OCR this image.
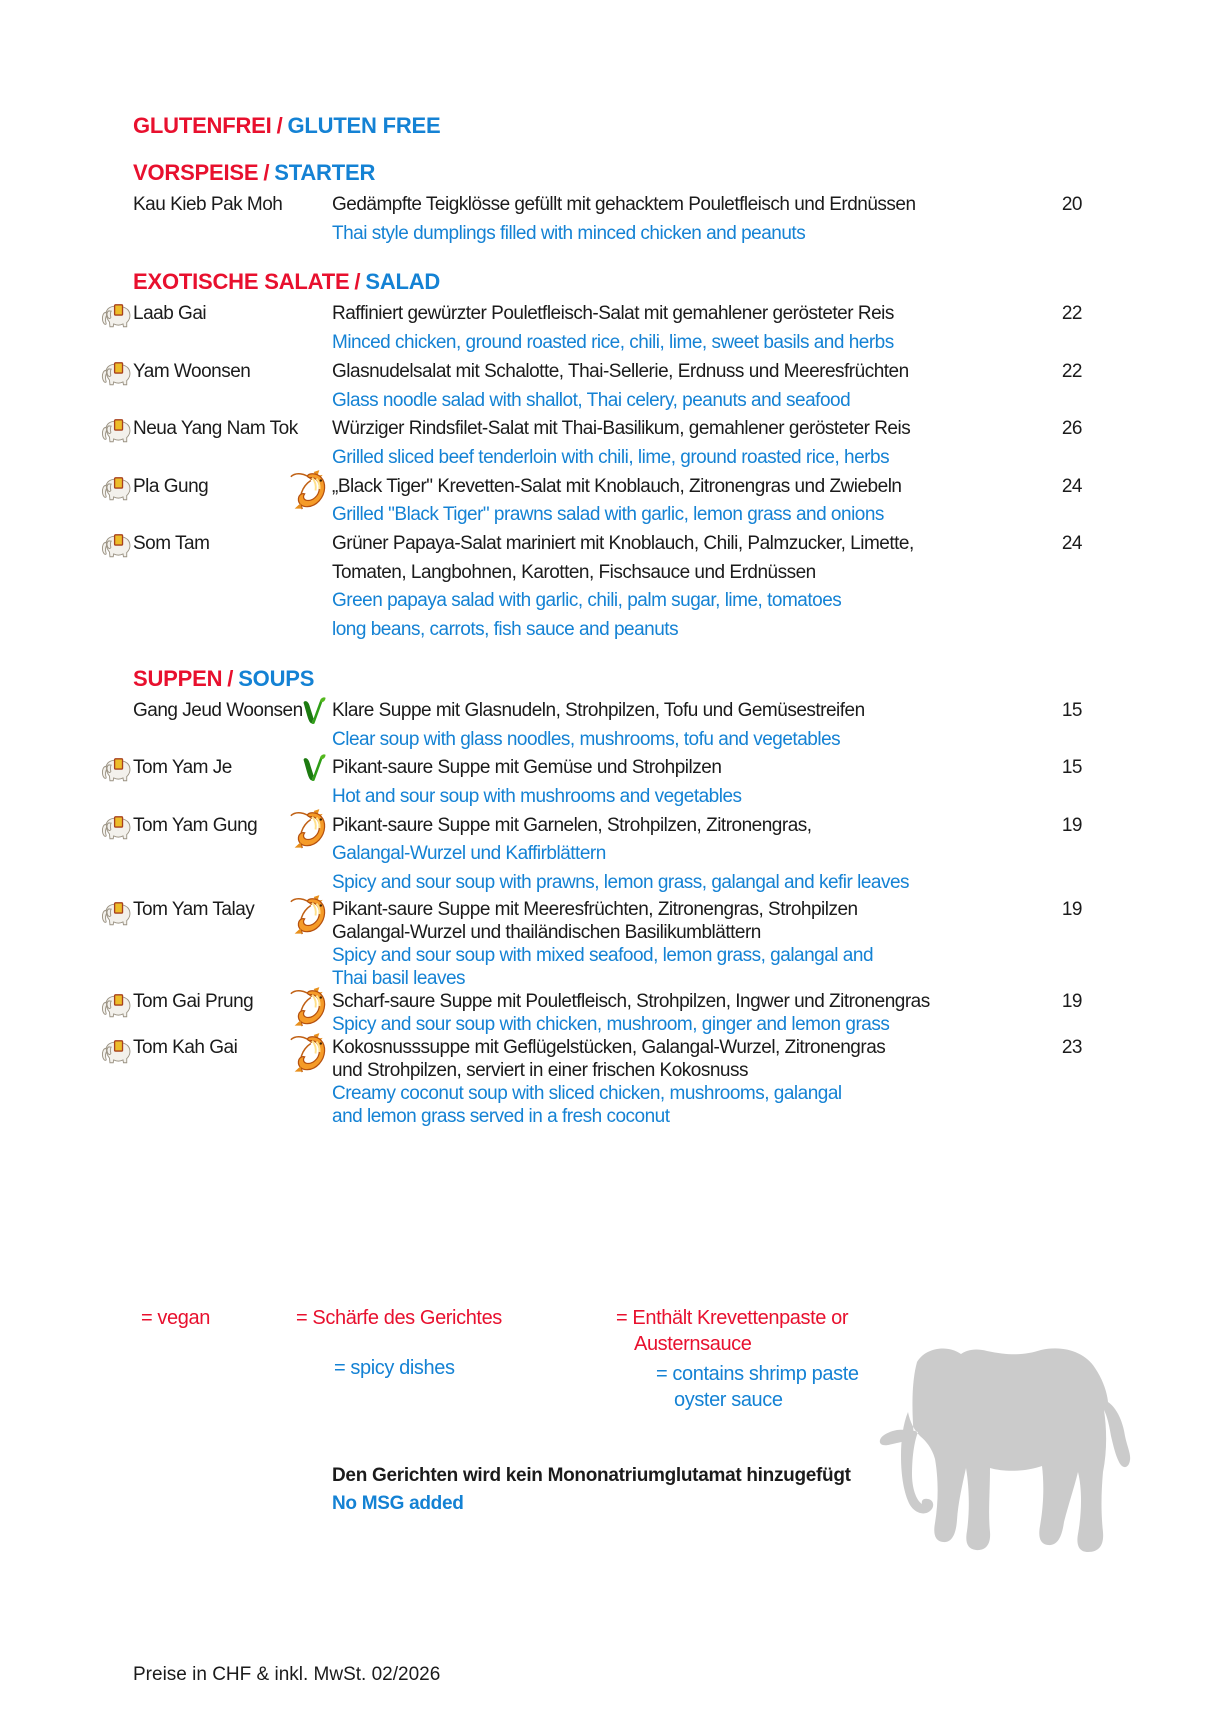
GLUTENFREI / GLUTEN FREE
VORSPEISE / STARTER
Kau Kieb Pak Moh	Gedämpfte Teigklösse gefüllt mit gehacktem Pouletfleisch und Erdnüssen
Thai style dumplings filled with minced chicken and peanuts
20
EXOTISCHE SALATE / SALAD
Laab Gai	Raffiniert gewürzter Pouletfleisch-Salat mit gemahlener gerösteter Reis
Minced chicken, ground roasted rice, chili, lime, sweet basils and herbs
22
Yam Woonsen	Glasnudelsalat mit Schalotte, Thai-Sellerie, Erdnuss und Meeresfrüchten
Glass noodle salad with shallot, Thai celery, peanuts and seafood
22
Neua Yang Nam Tok	Würziger Rindsfilet-Salat mit Thai-Basilikum, gemahlener gerösteter Reis
Grilled sliced beef tenderloin with chili, lime, ground roasted rice, herbs
26
Pla Gung	„Black Tiger" Krevetten-Salat mit Knoblauch, Zitronengras und Zwiebeln
Grilled "Black Tiger" prawns salad with garlic, lemon grass and onions
24
Som Tam	Grüner Papaya-Salat mariniert mit Knoblauch, Chili, Palmzucker, Limette,
Tomaten, Langbohnen, Karotten, Fischsauce und Erdnüssen
Green papaya salad with garlic, chili, palm sugar, lime, tomatoes
long beans, carrots, fish sauce and peanuts
24
SUPPEN / SOUPS
Gang Jeud Woonsen	Klare Suppe mit Glasnudeln, Strohpilzen, Tofu und Gemüsestreifen
Clear soup with glass noodles, mushrooms, tofu and vegetables
15
Tom Yam Je	Pikant-saure Suppe mit Gemüse und Strohpilzen
Hot and sour soup with mushrooms and vegetables
15
Tom Yam Gung	Pikant-saure Suppe mit Garnelen, Strohpilzen, Zitronengras,
Galangal-Wurzel und Kaffirblättern
Spicy and sour soup with prawns, lemon grass, galangal and kefir leaves
19
Tom Yam Talay	Pikant-saure Suppe mit Meeresfrüchten, Zitronengras, Strohpilzen
Galangal-Wurzel und thailändischen Basilikumblättern
Spicy and sour soup with mixed seafood, lemon grass, galangal and
Thai basil leaves
19
Tom Gai Prung	Scharf-saure Suppe mit Pouletfleisch, Strohpilzen, Ingwer und Zitronengras
Spicy and sour soup with chicken, mushroom, ginger and lemon grass
19
Tom Kah Gai	Kokosnusssuppe mit Geflügelstücken, Galangal-Wurzel, Zitronengras
und Strohpilzen, serviert in einer frischen Kokosnuss
Creamy coconut soup with sliced chicken, mushrooms, galangal
and lemon grass served in a fresh coconut
23
= vegan	= Schärfe des Gerichtes
= spicy dishes
= Enthält Krevettenpaste or
Austernsauce
= contains shrimp paste
oyster sauce
Den Gerichten wird kein Mononatriumglutamat hinzugefügt
No MSG added
Preise in CHF & inkl. MwSt. 02/2026
